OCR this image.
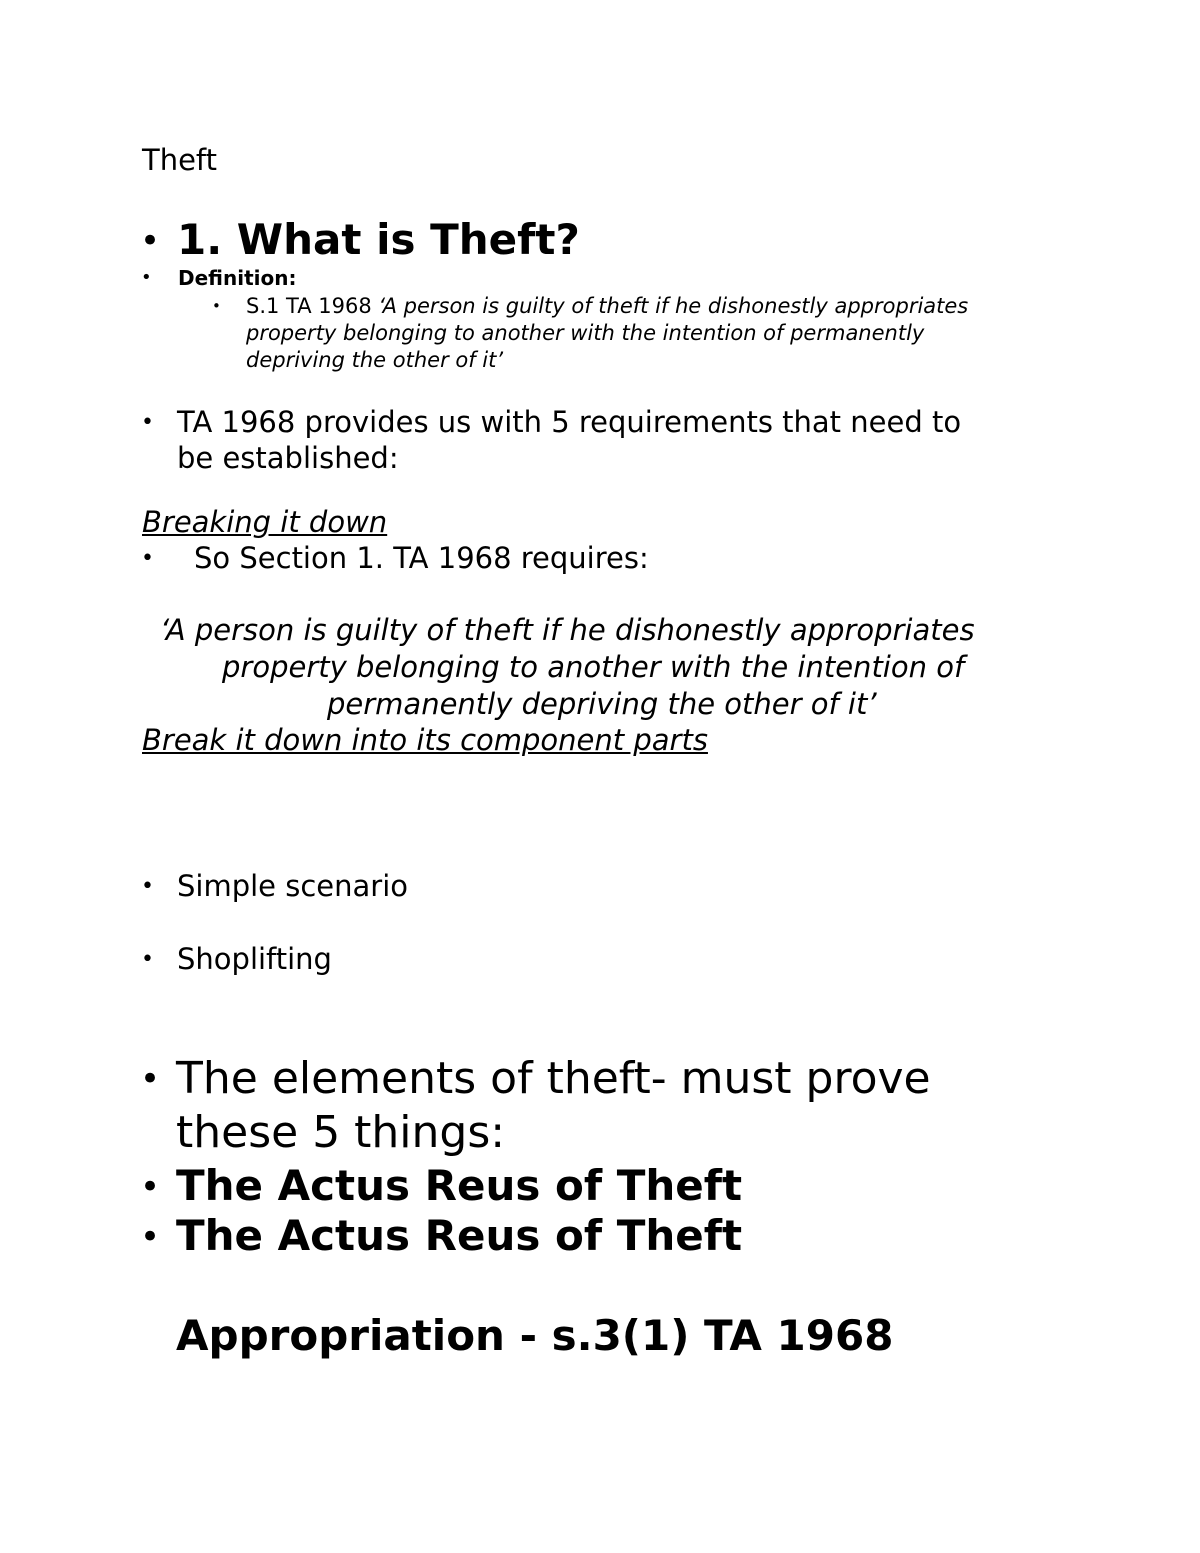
Theft
• 1. What is Theft?
• Definition:
• S.1 TA 1968 ‘A person is guilty of theft if he dishonestly appropriates
property belonging to another with the intention of permanently
depriving the other of it’
• TA 1968 provides us with 5 requirements that need to
be established:
Breaking it down
• So Section 1. TA 1968 requires:
‘A person is guilty of theft if he dishonestly appropriates
property belonging to another with the intention of
permanently depriving the other of it’
Break it down into its component parts
• Simple scenario
• Shoplifting
• The elements of theft- must prove
these 5 things:
• The Actus Reus of Theft
• The Actus Reus of Theft
Appropriation - s.3(1) TA 1968
